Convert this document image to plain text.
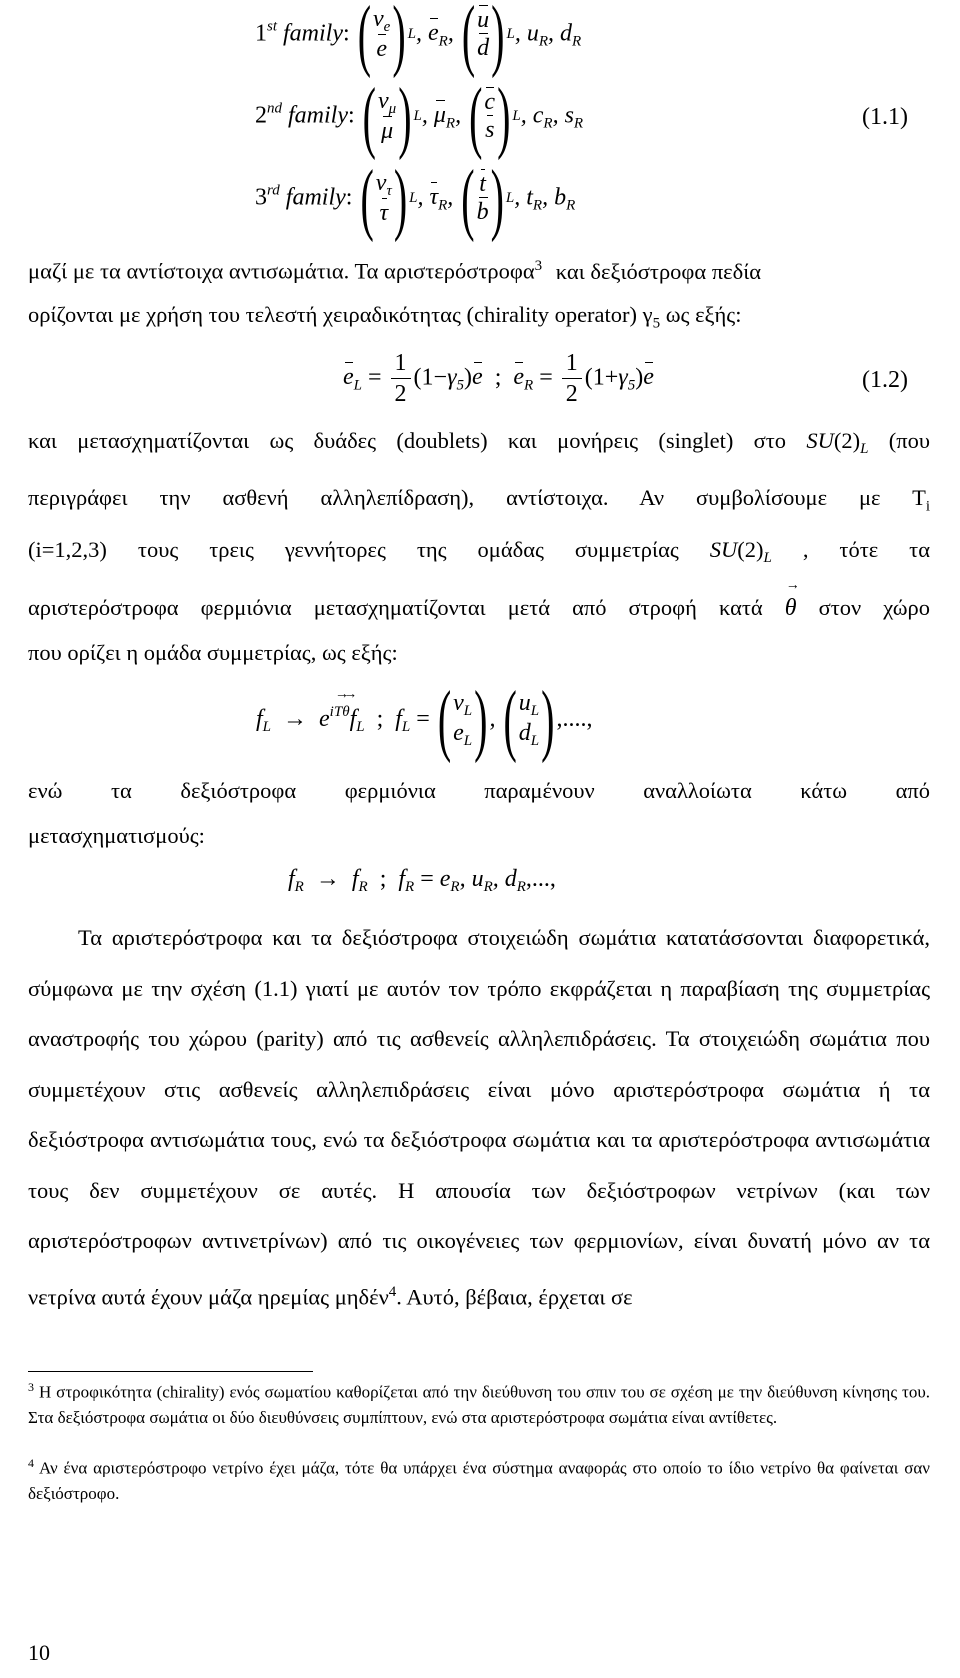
1st family: ( $\nu_e$
e ) L , $e_R$, ( u
d ) L , $u_R$, $d_R$
2nd family: ( $\nu_\mu$
μ ) L , $\mu_R$, ( c
s ) L , $c_R$, $s_R$	(1.1)
3rd family: ( $\nu_\tau$
τ ) L , $\tau_R$, ( t
b ) L , $t_R$, $b_R$
μαζί με τα αντίστοιχα αντισωμάτια. Τα αριστερόστροφα$^3$ και δεξιόστροφα πεδία
ορίζονται με χρήση του τελεστή χειραδικότητας (chirality operator) $\gamma_5$ ως εξής:
$e_L = \frac{1}{2} (1-\gamma_5)e$  ;  $e_R = \frac{1}{2} (1+\gamma_5)e$	(1.2)
και μετασχηματίζονται ως δυάδες (doublets) και μονήρεις (singlet) στο $SU(2)_L$ (που
περιγράφει την ασθενή αλληλεπίδραση), αντίστοιχα. Αν συμβολίσουμε με $T_i$
(i=1,2,3) τους τρεις γεννήτορες της ομάδας συμμετρίας $SU(2)_L$ , τότε τα
αριστερόστροφα φερμιόνια μετασχηματίζονται μετά από στροφή κατά → θ στον χώρο
που ορίζει η ομάδα συμμετρίας, ως εξής:
$f_L \to e^{i\to T\to \theta}f_L$  ;  $f_L$ = ( $\nu_L$
$e_L$ ) , ( $u_L$
$d_L$ ) ,....,
ενώ τα δεξιόστροφα φερμιόνια παραμένουν αναλλοίωτα κάτω από
μετασχηματισμούς:
$f_R \to f_R$  ;  $f_R = e_R$, $u_R$, $d_R$,...,
Τα αριστερόστροφα και τα δεξιόστροφα στοιχειώδη σωμάτια κατατάσσονται διαφορετικά, σύμφωνα με την σχέση (1.1) γιατί με αυτόν τον τρόπο εκφράζεται η παραβίαση της συμμετρίας αναστροφής του χώρου (parity) από τις ασθενείς αλληλεπιδράσεις. Τα στοιχειώδη σωμάτια που συμμετέχουν στις ασθενείς αλληλεπιδράσεις είναι μόνο αριστερόστροφα σωμάτια ή τα δεξιόστροφα αντισωμάτια τους, ενώ τα δεξιόστροφα σωμάτια και τα αριστερόστροφα αντισωμάτια τους δεν συμμετέχουν σε αυτές. Η απουσία των δεξιόστροφων νετρίνων (και των αριστερόστροφων αντινετρίνων) από τις οικογένειες των φερμιονίων, είναι δυνατή μόνο αν τα νετρίνα αυτά έχουν μάζα ηρεμίας μηδέν$^4$. Αυτό, βέβαια, έρχεται σε
$^3$ Η στροφικότητα (chirality) ενός σωματίου καθορίζεται από την διεύθυνση του σπιν του σε σχέση με την διεύθυνση κίνησης του. Στα δεξιόστροφα σωμάτια οι δύο διευθύνσεις συμπίπτουν, ενώ στα αριστερόστροφα σωμάτια είναι αντίθετες.
$^4$ Αν ένα αριστερόστροφο νετρίνο έχει μάζα, τότε θα υπάρχει ένα σύστημα αναφοράς στο οποίο το ίδιο νετρίνο θα φαίνεται σαν δεξιόστροφο.
10
